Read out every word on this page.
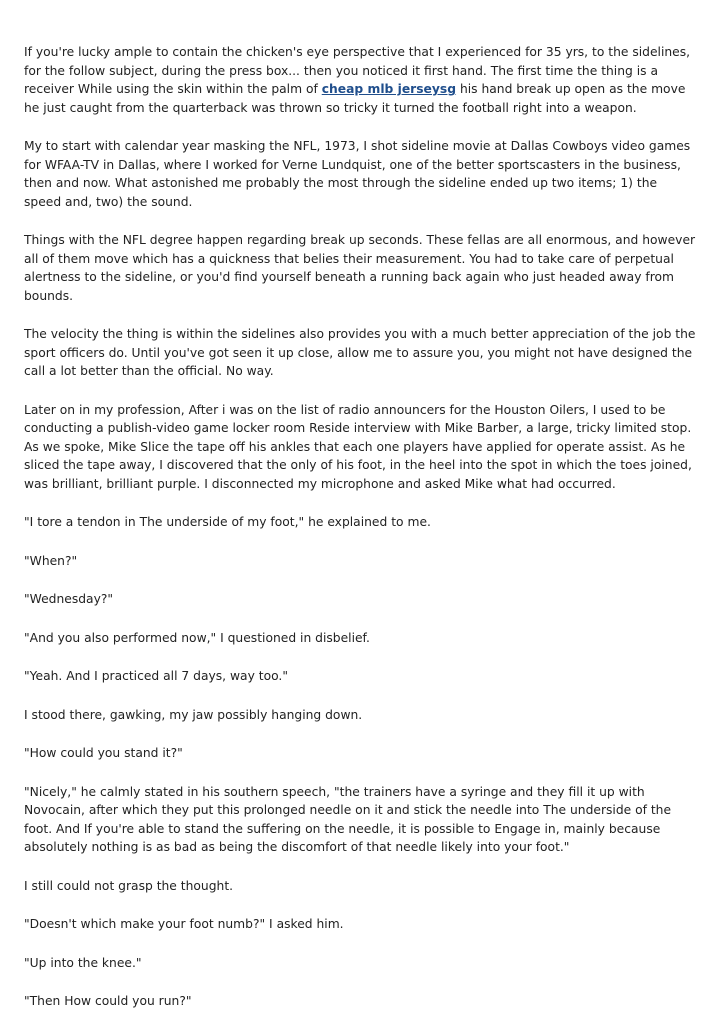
If you're lucky ample to contain the chicken's eye perspective that I experienced for 35 yrs, to the sidelines, for the follow subject, during the press box... then you noticed it first hand. The first time the thing is a receiver While using the skin within the palm of cheap mlb jerseysg his hand break up open as the move he just caught from the quarterback was thrown so tricky it turned the football right into a weapon.

My to start with calendar year masking the NFL, 1973, I shot sideline movie at Dallas Cowboys video games for WFAA-TV in Dallas, where I worked for Verne Lundquist, one of the better sportscasters in the business, then and now. What astonished me probably the most through the sideline ended up two items; 1) the speed and, two) the sound.

Things with the NFL degree happen regarding break up seconds. These fellas are all enormous, and however all of them move which has a quickness that belies their measurement. You had to take care of perpetual alertness to the sideline, or you'd find yourself beneath a running back again who just headed away from bounds.

The velocity the thing is within the sidelines also provides you with a much better appreciation of the job the sport officers do. Until you've got seen it up close, allow me to assure you, you might not have designed the call a lot better than the official. No way.

Later on in my profession, After i was on the list of radio announcers for the Houston Oilers, I used to be conducting a publish-video game locker room Reside interview with Mike Barber, a large, tricky limited stop. As we spoke, Mike Slice the tape off his ankles that each one players have applied for operate assist. As he sliced the tape away, I discovered that the only of his foot, in the heel into the spot in which the toes joined, was brilliant, brilliant purple. I disconnected my microphone and asked Mike what had occurred.

"I tore a tendon in The underside of my foot," he explained to me.

"When?"

"Wednesday?"

"And you also performed now," I questioned in disbelief.

"Yeah. And I practiced all 7 days, way too."

I stood there, gawking, my jaw possibly hanging down.

"How could you stand it?"

"Nicely," he calmly stated in his southern speech, "the trainers have a syringe and they fill it up with Novocain, after which they put this prolonged needle on it and stick the needle into The underside of the foot. And If you're able to stand the suffering on the needle, it is possible to Engage in, mainly because absolutely nothing is as bad as being the discomfort of that needle likely into your foot."

I still could not grasp the thought.

"Doesn't which make your foot numb?" I asked him.

"Up into the knee."

"Then How could you run?"
